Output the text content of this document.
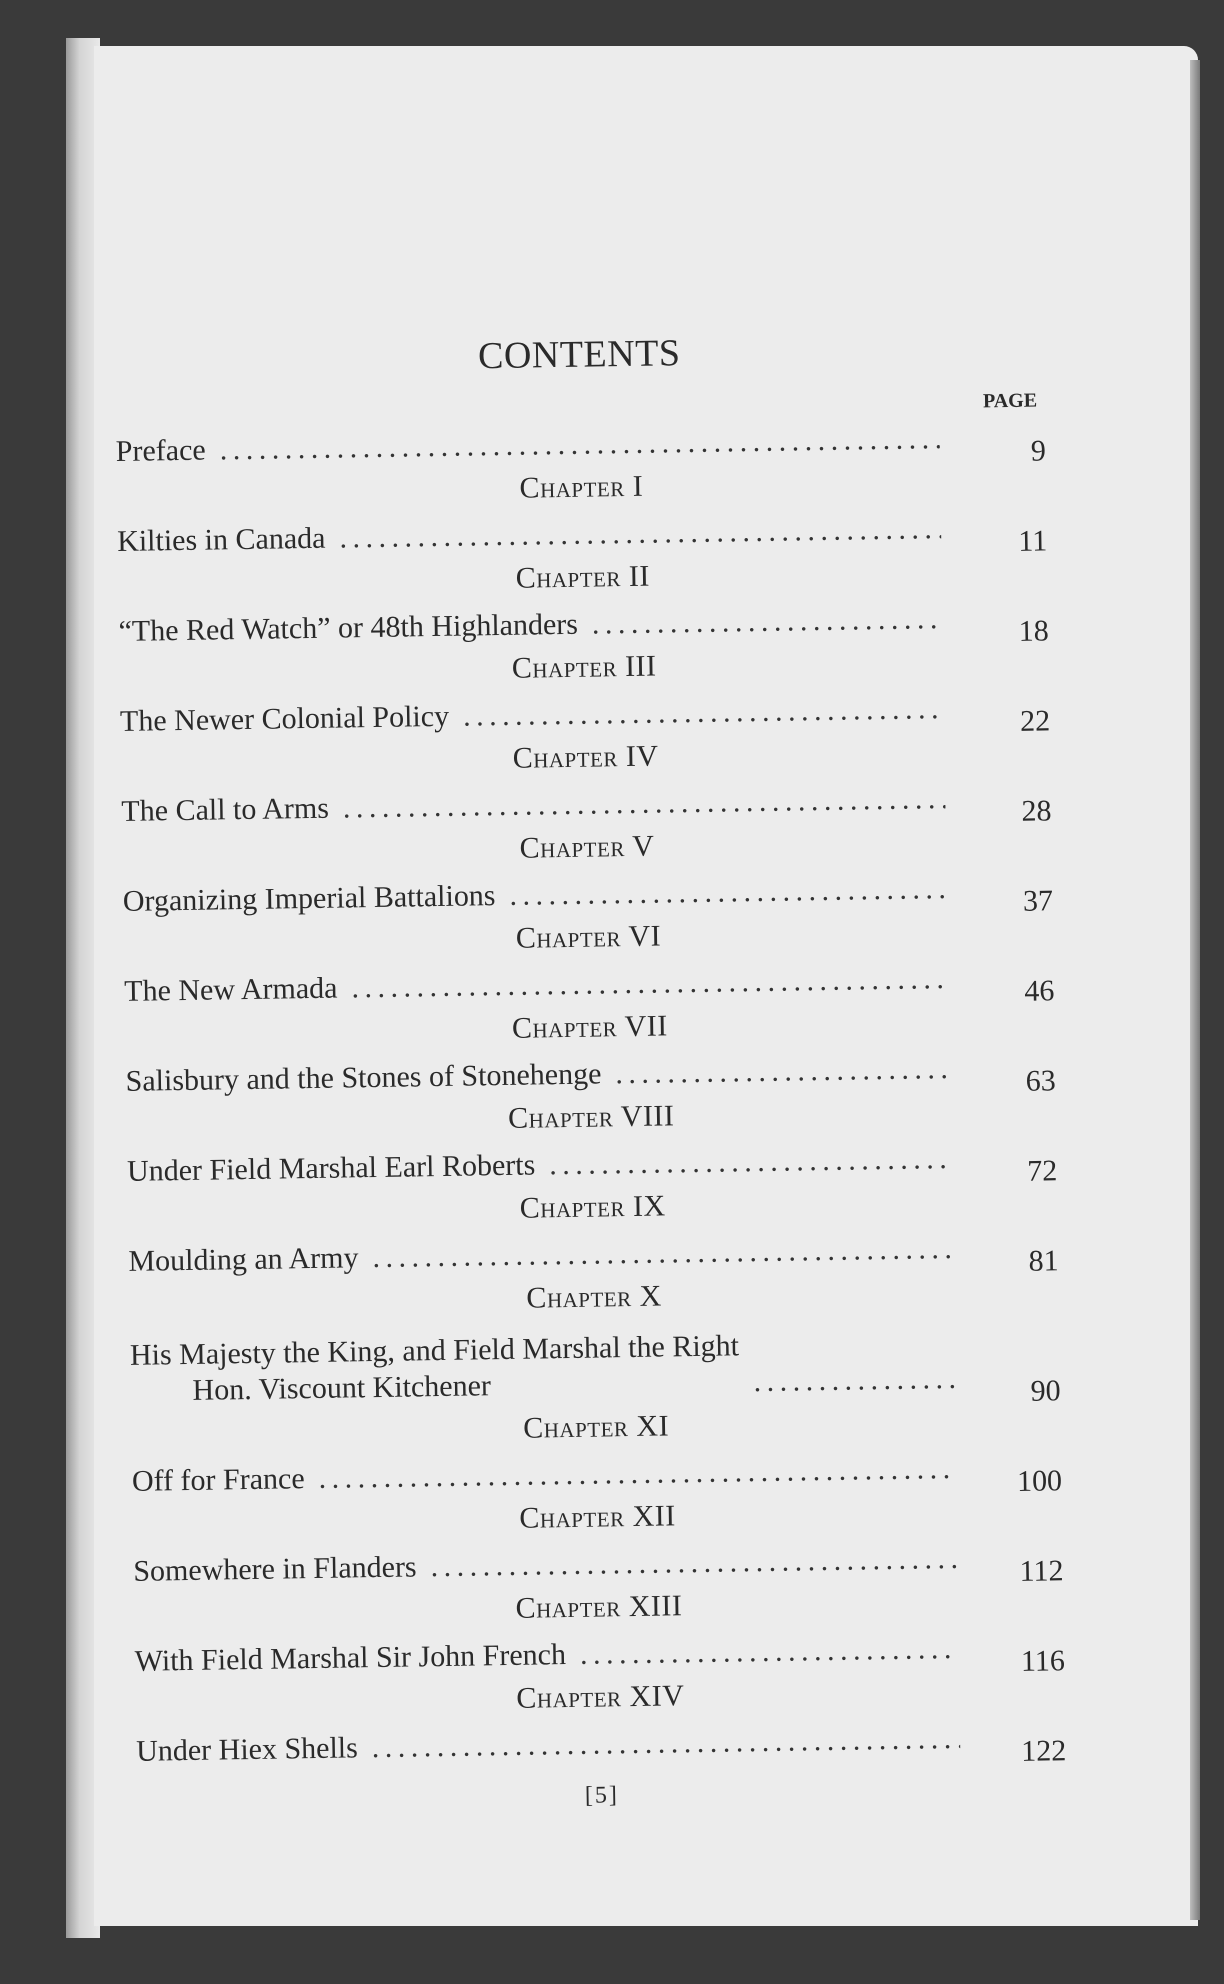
CONTENTS
PAGE
Preface . . .	9
Chapter I
Kilties in Canada . . .	11
Chapter II
“The Red Watch” or 48th Highlanders . . .	18
Chapter III
The Newer Colonial Policy . . .	22
Chapter IV
The Call to Arms . . .	28
Chapter V
Organizing Imperial Battalions . . .	37
Chapter VI
The New Armada . . .	46
Chapter VII
Salisbury and the Stones of Stonehenge . . .	63
Chapter VIII
Under Field Marshal Earl Roberts . . .	72
Chapter IX
Moulding an Army . . .	81
Chapter X
His Majesty the King, and Field Marshal the Right
Hon. Viscount Kitchener . . .	90
Chapter XI
Off for France . . .	100
Chapter XII
Somewhere in Flanders . . .	112
Chapter XIII
With Field Marshal Sir John French . . .	116
Chapter XIV
Under Hiex Shells . . .	122
[5]
